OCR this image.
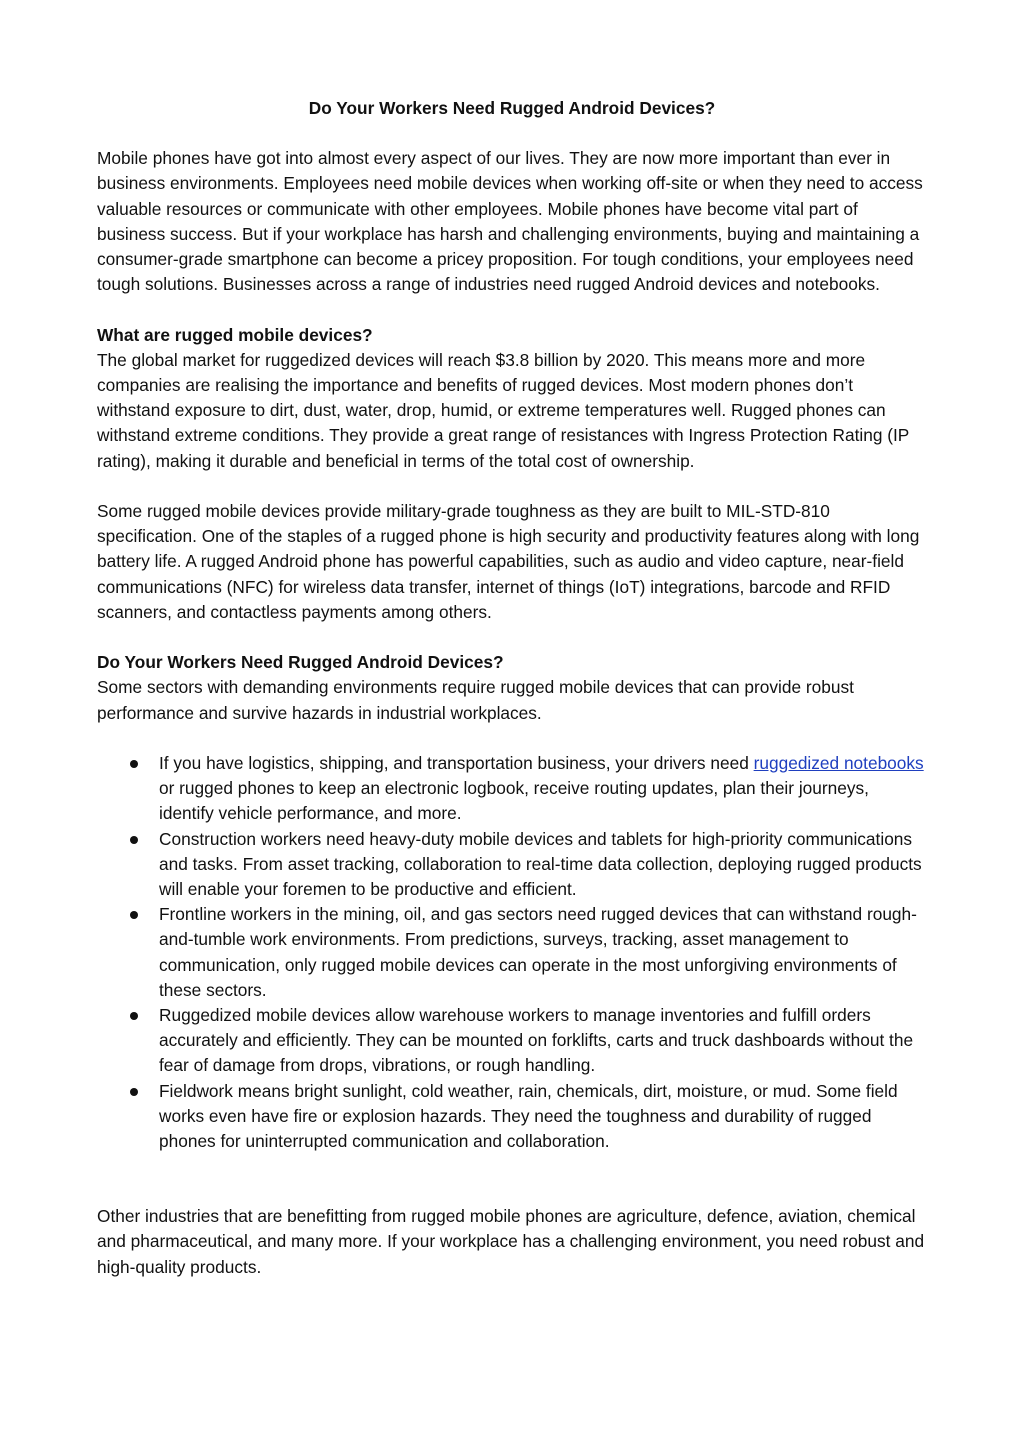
Do Your Workers Need Rugged Android Devices?

Mobile phones have got into almost every aspect of our lives. They are now more important than ever in business environments. Employees need mobile devices when working off-site or when they need to access valuable resources or communicate with other employees. Mobile phones have become vital part of business success. But if your workplace has harsh and challenging environments, buying and maintaining a consumer-grade smartphone can become a pricey proposition. For tough conditions, your employees need tough solutions. Businesses across a range of industries need rugged Android devices and notebooks.

What are rugged mobile devices?

The global market for ruggedized devices will reach $3.8 billion by 2020. This means more and more companies are realising the importance and benefits of rugged devices. Most modern phones don’t withstand exposure to dirt, dust, water, drop, humid, or extreme temperatures well. Rugged phones can withstand extreme conditions. They provide a great range of resistances with Ingress Protection Rating (IP rating), making it durable and beneficial in terms of the total cost of ownership.

Some rugged mobile devices provide military-grade toughness as they are built to MIL-STD-810 specification. One of the staples of a rugged phone is high security and productivity features along with long battery life. A rugged Android phone has powerful capabilities, such as audio and video capture, near-field communications (NFC) for wireless data transfer, internet of things (IoT) integrations, barcode and RFID scanners, and contactless payments among others.

Do Your Workers Need Rugged Android Devices?

Some sectors with demanding environments require rugged mobile devices that can provide robust performance and survive hazards in industrial workplaces.

If you have logistics, shipping, and transportation business, your drivers need ruggedized notebooks or rugged phones to keep an electronic logbook, receive routing updates, plan their journeys, identify vehicle performance, and more.
Construction workers need heavy-duty mobile devices and tablets for high-priority communications and tasks. From asset tracking, collaboration to real-time data collection, deploying rugged products will enable your foremen to be productive and efficient.
Frontline workers in the mining, oil, and gas sectors need rugged devices that can withstand rough-and-tumble work environments. From predictions, surveys, tracking, asset management to communication, only rugged mobile devices can operate in the most unforgiving environments of these sectors.
Ruggedized mobile devices allow warehouse workers to manage inventories and fulfill orders accurately and efficiently. They can be mounted on forklifts, carts and truck dashboards without the fear of damage from drops, vibrations, or rough handling.
Fieldwork means bright sunlight, cold weather, rain, chemicals, dirt, moisture, or mud. Some field works even have fire or explosion hazards. They need the toughness and durability of rugged phones for uninterrupted communication and collaboration.

Other industries that are benefitting from rugged mobile phones are agriculture, defence, aviation, chemical and pharmaceutical, and many more. If your workplace has a challenging environment, you need robust and high-quality products.
